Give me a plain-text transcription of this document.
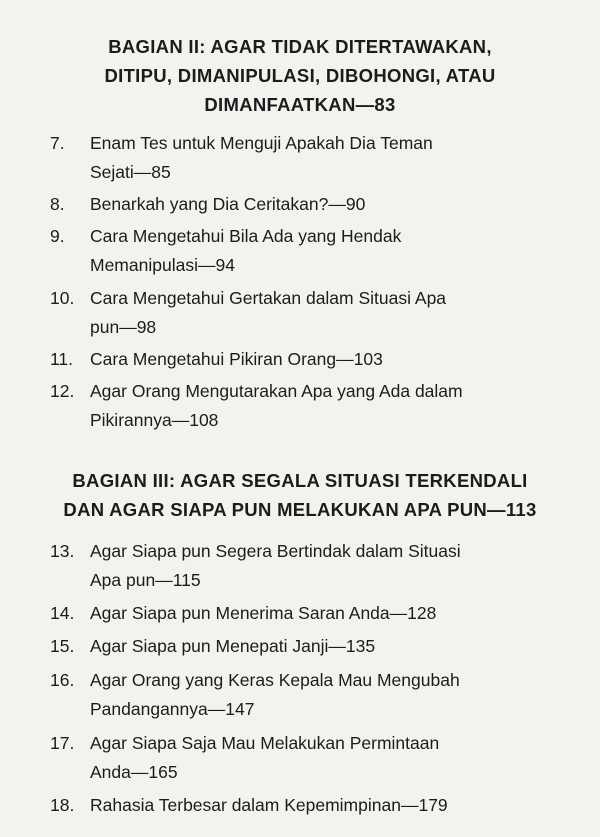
BAGIAN II: AGAR TIDAK DITERTAWAKAN,
DITIPU, DIMANIPULASI, DIBOHONGI, ATAU
DIMANFAATKAN—83
7. Enam Tes untuk Menguji Apakah Dia Teman
Sejati—85
8. Benarkah yang Dia Ceritakan?—90
9. Cara Mengetahui Bila Ada yang Hendak
Memanipulasi—94
10. Cara Mengetahui Gertakan dalam Situasi Apa
pun—98
11. Cara Mengetahui Pikiran Orang—103
12. Agar Orang Mengutarakan Apa yang Ada dalam
Pikirannya—108
BAGIAN III: AGAR SEGALA SITUASI TERKENDALI
DAN AGAR SIAPA PUN MELAKUKAN APA PUN—113
13. Agar Siapa pun Segera Bertindak dalam Situasi
Apa pun—115
14. Agar Siapa pun Menerima Saran Anda—128
15. Agar Siapa pun Menepati Janji—135
16. Agar Orang yang Keras Kepala Mau Mengubah
Pandangannya—147
17. Agar Siapa Saja Mau Melakukan Permintaan
Anda—165
18. Rahasia Terbesar dalam Kepemimpinan—179
